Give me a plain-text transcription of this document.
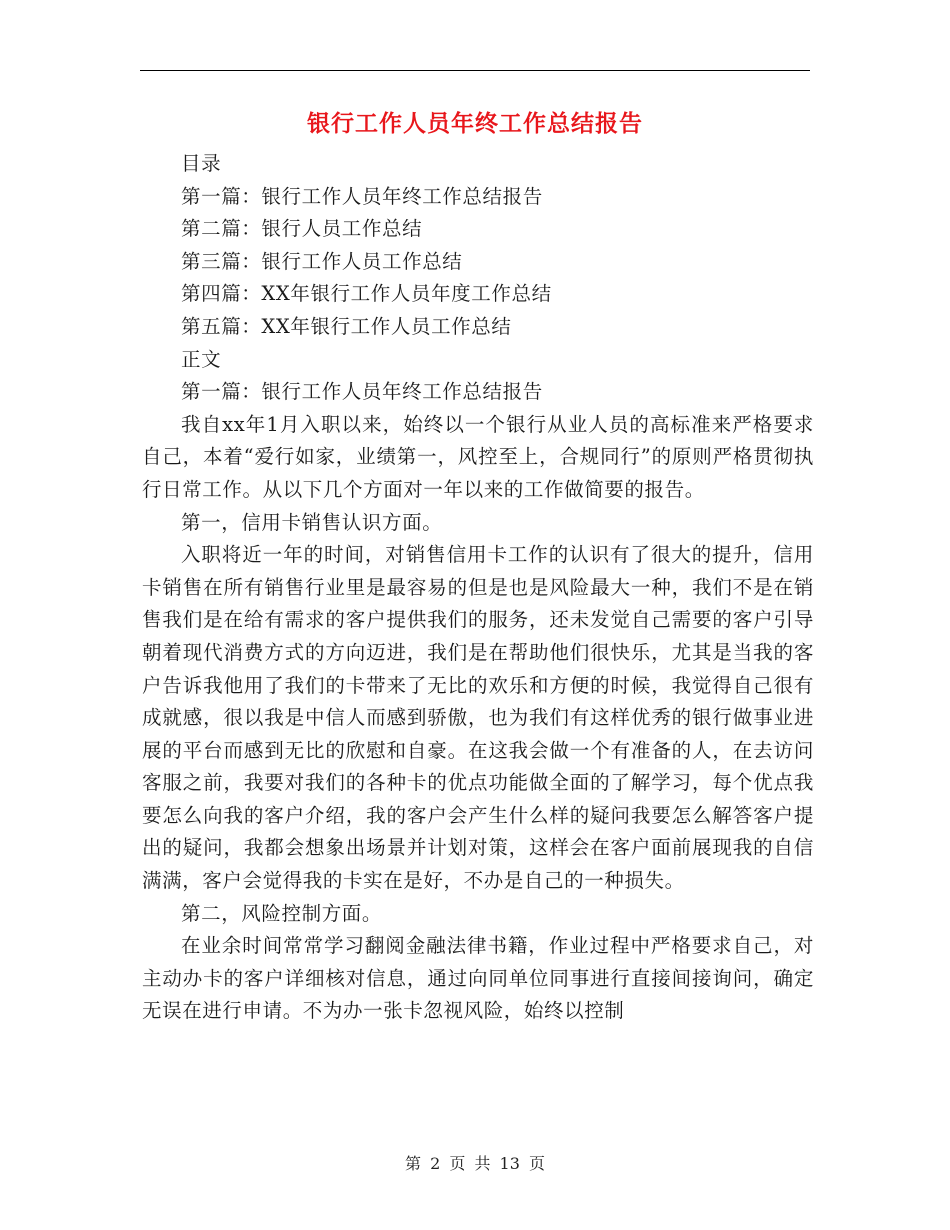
银行工作人员年终工作总结报告

目录

第一篇：银行工作人员年终工作总结报告

第二篇：银行人员工作总结

第三篇：银行工作人员工作总结

第四篇：XX年银行工作人员年度工作总结

第五篇：XX年银行工作人员工作总结

正文

第一篇：银行工作人员年终工作总结报告

我自xx年1月入职以来，始终以一个银行从业人员的高标准来严格要求自己，本着“爱行如家，业绩第一，风控至上，合规同行”的原则严格贯彻执行日常工作。从以下几个方面对一年以来的工作做简要的报告。

第一，信用卡销售认识方面。

入职将近一年的时间，对销售信用卡工作的认识有了很大的提升，信用卡销售在所有销售行业里是最容易的但是也是风险最大一种，我们不是在销售我们是在给有需求的客户提供我们的服务，还未发觉自己需要的客户引导朝着现代消费方式的方向迈进，我们是在帮助他们很快乐，尤其是当我的客户告诉我他用了我们的卡带来了无比的欢乐和方便的时候，我觉得自己很有成就感，很以我是中信人而感到骄傲，也为我们有这样优秀的银行做事业进展的平台而感到无比的欣慰和自豪。在这我会做一个有准备的人，在去访问客服之前，我要对我们的各种卡的优点功能做全面的了解学习，每个优点我要怎么向我的客户介绍，我的客户会产生什么样的疑问我要怎么解答客户提出的疑问，我都会想象出场景并计划对策，这样会在客户面前展现我的自信满满，客户会觉得我的卡实在是好，不办是自己的一种损失。

第二，风险控制方面。

在业余时间常常学习翻阅金融法律书籍，作业过程中严格要求自己，对主动办卡的客户详细核对信息，通过向同单位同事进行直接间接询问，确定无误在进行申请。不为办一张卡忽视风险，始终以控制

第 2 页 共 13 页
